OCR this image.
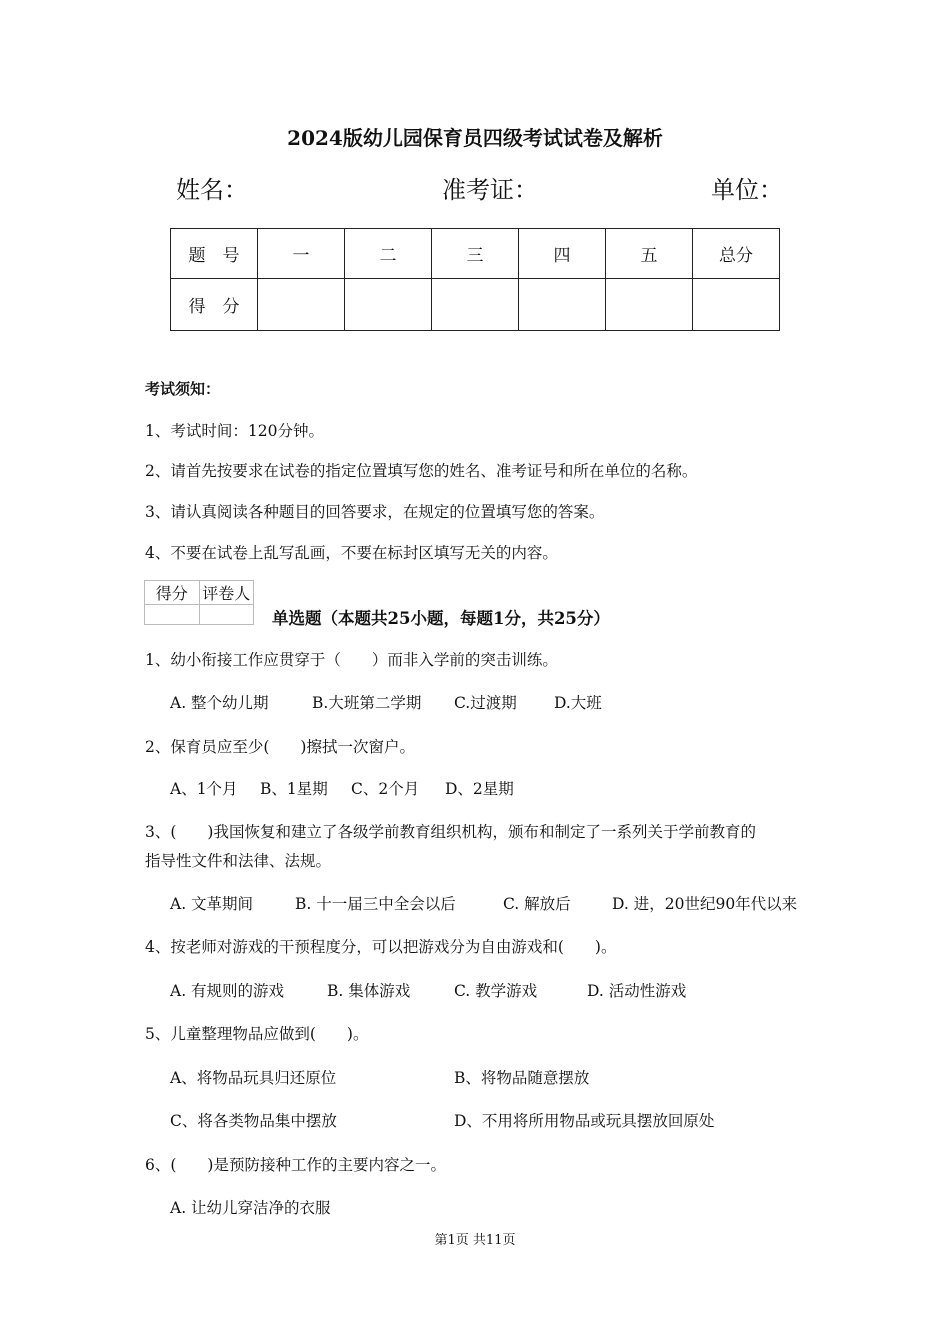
2024版幼儿园保育员四级考试试卷及解析
姓名：	准考证：	单位：
题　号	一	二	三	四	五	总分
得　分						
考试须知：
1、考试时间：120分钟。
2、请首先按要求在试卷的指定位置填写您的姓名、准考证号和所在单位的名称。
3、请认真阅读各种题目的回答要求，在规定的位置填写您的答案。
4、不要在试卷上乱写乱画，不要在标封区填写无关的内容。
得分	评卷人

单选题（本题共25小题，每题1分，共25分）
1、幼小衔接工作应贯穿于（　　）而非入学前的突击训练。
A. 整个幼儿期	B.大班第二学期 C.过渡期 D.大班
2、保育员应至少(　　)擦拭一次窗户。
A、1个月 B、1星期 C、2个月 D、2星期
3、(　　)我国恢复和建立了各级学前教育组织机构，颁布和制定了一系列关于学前教育的
指导性文件和法律、法规。
A. 文革期间	B. 十一届三中全会以后	C. 解放后	D. 进，20世纪90年代以来
4、按老师对游戏的干预程度分，可以把游戏分为自由游戏和(　　)。
A. 有规则的游戏	B. 集体游戏	C. 教学游戏	D. 活动性游戏
5、儿童整理物品应做到(　　)。
A、将物品玩具归还原位	B、将物品随意摆放
C、将各类物品集中摆放	D、不用将所用物品或玩具摆放回原处
6、(　　)是预防接种工作的主要内容之一。
A. 让幼儿穿洁净的衣服
第1页 共11页
